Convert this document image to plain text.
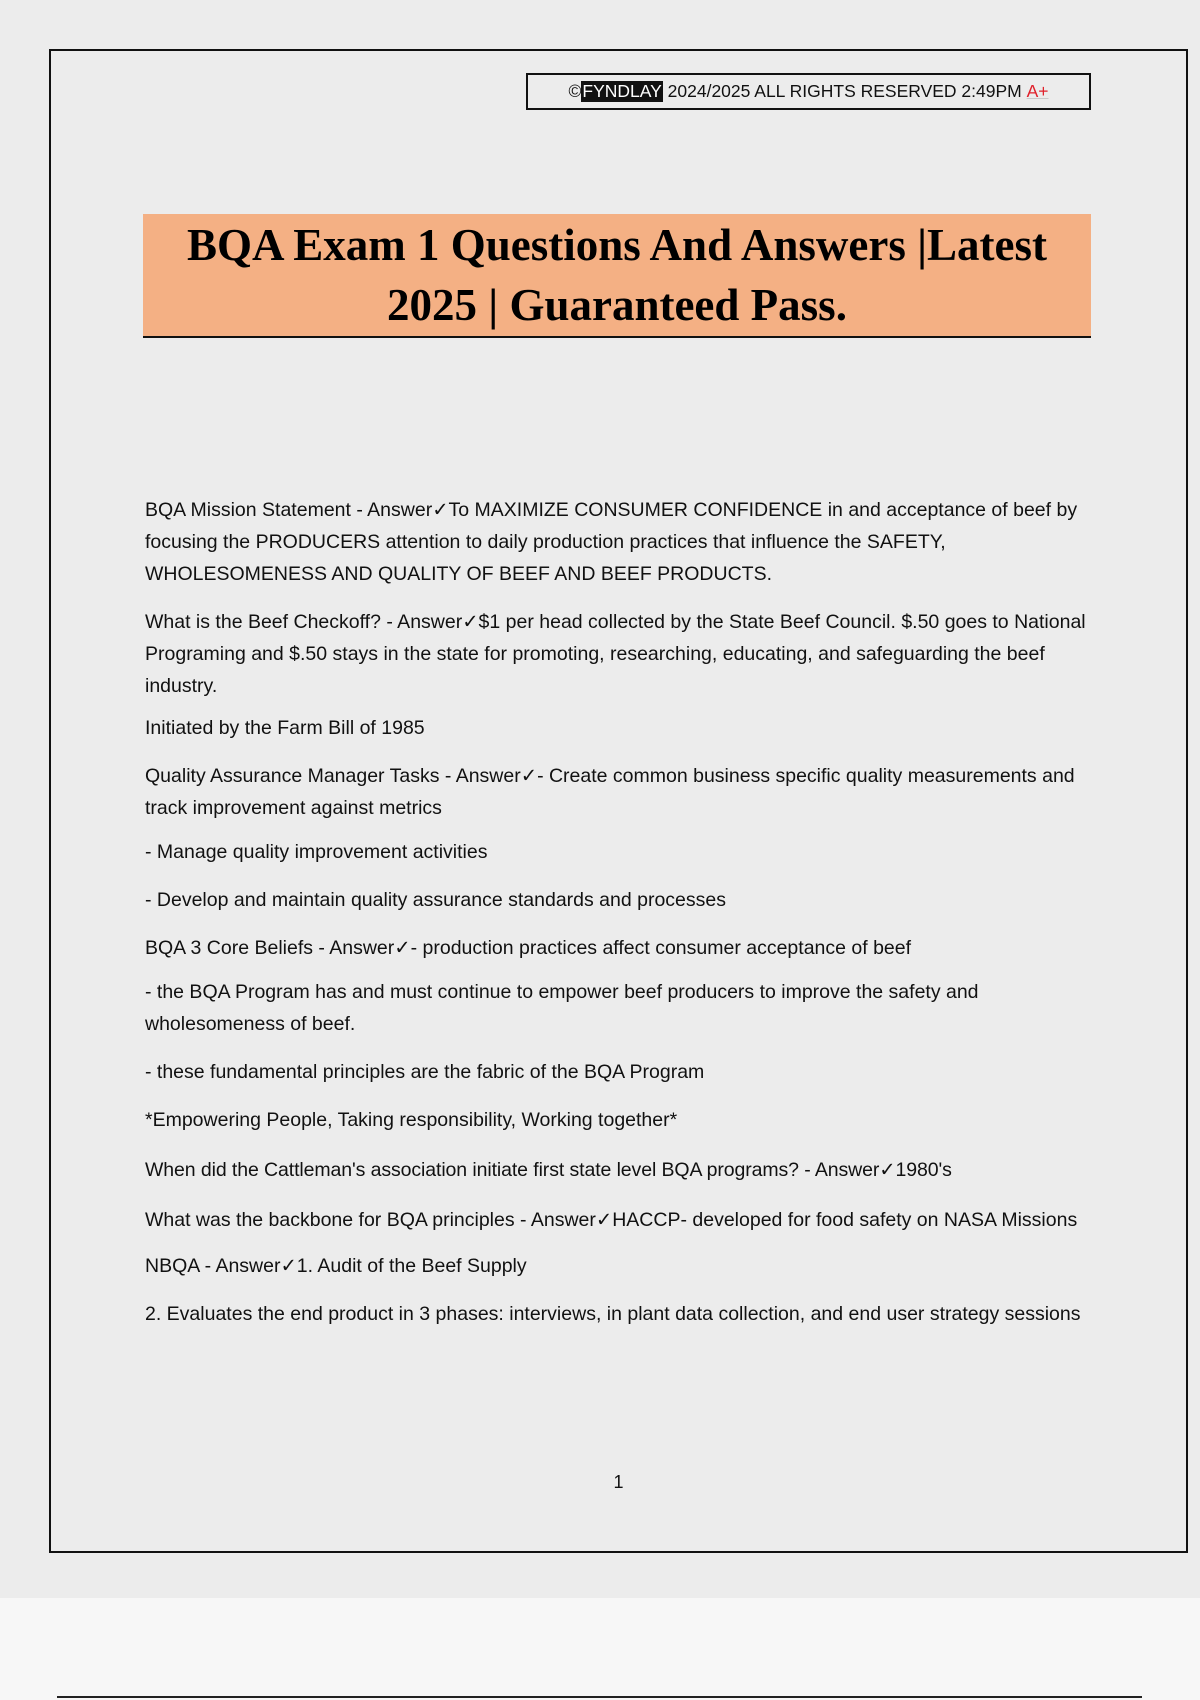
© FYNDLAY 2024/2025 ALL RIGHTS RESERVED 2:49PM A+
BQA Exam 1 Questions And Answers |Latest
2025 | Guaranteed Pass.

BQA Mission Statement - Answer✓To MAXIMIZE CONSUMER CONFIDENCE in and acceptance of beef by focusing the PRODUCERS attention to daily production practices that influence the SAFETY, WHOLESOMENESS AND QUALITY OF BEEF AND BEEF PRODUCTS.

What is the Beef Checkoff? - Answer✓$1 per head collected by the State Beef Council. $.50 goes to National Programing and $.50 stays in the state for promoting, researching, educating, and safeguarding the beef industry.

Initiated by the Farm Bill of 1985

Quality Assurance Manager Tasks - Answer✓- Create common business specific quality measurements and track improvement against metrics

- Manage quality improvement activities

- Develop and maintain quality assurance standards and processes

BQA 3 Core Beliefs - Answer✓- production practices affect consumer acceptance of beef

- the BQA Program has and must continue to empower beef producers to improve the safety and wholesomeness of beef.

- these fundamental principles are the fabric of the BQA Program

*Empowering People, Taking responsibility, Working together*

When did the Cattleman's association initiate first state level BQA programs? - Answer✓1980's

What was the backbone for BQA principles - Answer✓HACCP- developed for food safety on NASA Missions

NBQA - Answer✓1. Audit of the Beef Supply

2. Evaluates the end product in 3 phases: interviews, in plant data collection, and end user strategy sessions

1
